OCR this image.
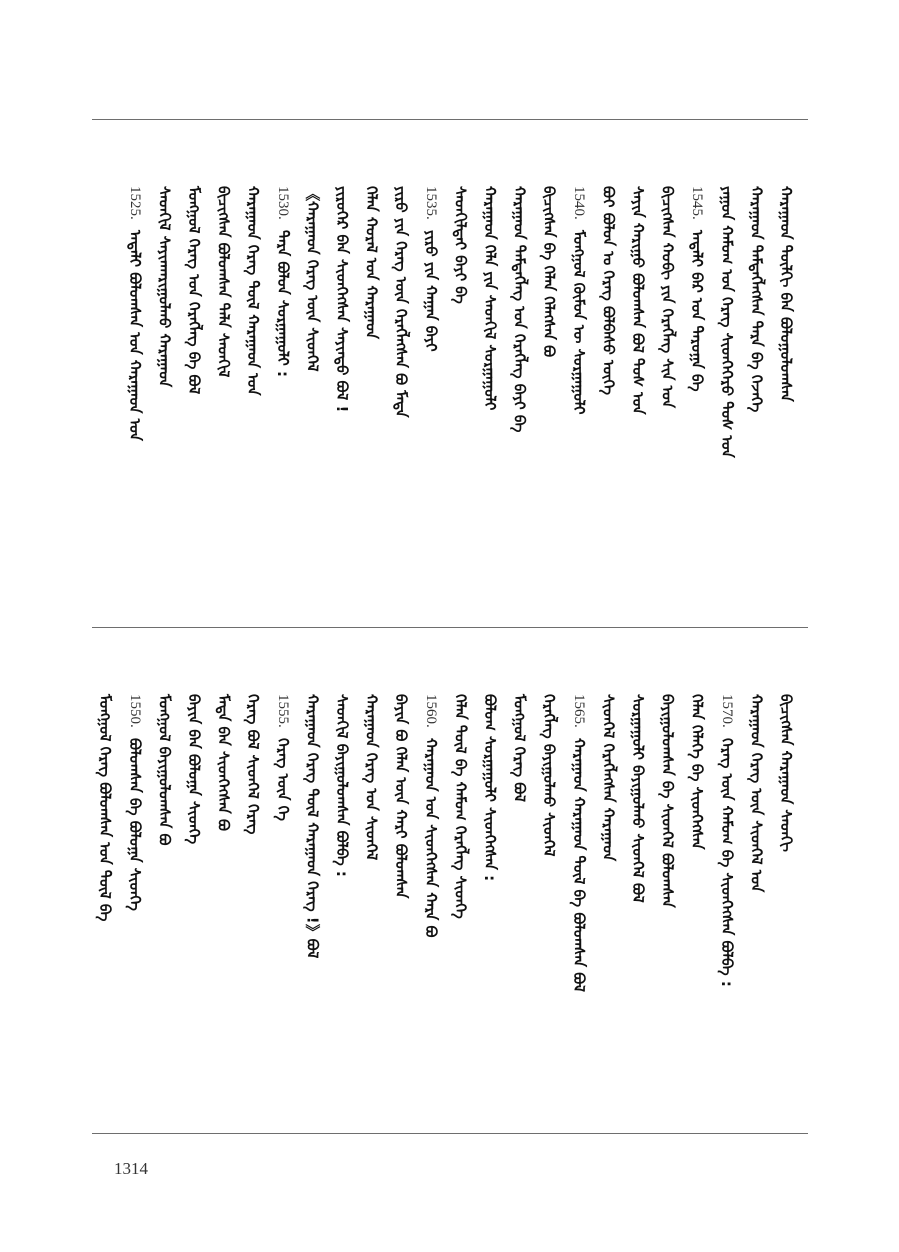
ᠬᠠᠷᠠᠭᠠᠳ ᠲᠦᠯᠬᠢ ᠪᠡᠨ ᠪᠤᠯᠤᠭᠤᠯᠤᠭᠰᠠᠨ
ᠬᠠᠷᠠᠭᠠᠳ ᠲᠡᠮᠳᠡᠭᠯᠡᠭᠰᠡᠨ ᠲᠡᠷᠡ ᠪᠠ ᠬᠡᠵᠡᠭᠡ
ᠶᠠᠭᠤᠨ ᠬᠠᠮᠤᠭ ᠤᠨ ᠬᠡᠷᠡᠭ ᠰᠢᠳᠬᠡᠭᠡᠷᠦ ᠲᠤᠰ ᠤᠨ
1545.
ᠠᠳᠠᠯᠢ ᠪᠡᠷ ᠤᠨ ᠳᠠᠷᠤᠭᠠ ᠪᠠ
ᠪᠢᠴᠢᠭᠰᠡᠨ ᠬᠤᠪᠢ ᠶᠢᠨ ᠬᠡᠷᠡᠭᠯᠡᠭ ᠰᠢᠨ ᠤᠨ
ᠰᠠᠶᠢᠨ ᠬᠠᠷᠢᠭᠤ ᠪᠤᠯᠤᠭᠰᠠᠨ ᠪᠤᠯ ᠲᠤᠰ ᠤᠨ
ᠪᠤᠢ ᠪᠣᠯᠤᠨ ᠤ ᠬᠡᠷᠡᠭ ᠪᠣᠯᠪᠠᠰᠤ ᠦᠭᠡ
1540.
ᠮᠣᠩᠭᠣᠯ ᠬᠦᠮᠦᠨ ᠦ ᠰᠤᠷᠭᠠᠭᠤᠯᠢ
ᠪᠢᠴᠢᠭᠰᠡᠨ ᠪᠠ ᠬᠡᠯᠡᠨ ᠬᠡᠯᠡᠭᠰᠡᠨ ᠪᠣ
ᠬᠠᠷᠠᠭᠠᠳ ᠲᠡᠮᠳᠡᠭᠯᠡᠭ ᠤᠨ ᠬᠡᠷᠡᠭᠯᠡᠭ ᠪᠠᠶᠢ ᠪᠠ
ᠬᠠᠷᠠᠭᠠᠳ ᠬᠡᠯᠡ ᠶᠢᠨ ᠰᠡᠳᠬᠢᠯ ᠰᠤᠷᠭᠠᠭᠤᠯᠢ
ᠰᠡᠳᠬᠢᠯᠲᠡᠢ ᠪᠠᠶᠢ ᠪᠠ
1535.
ᠶᠢᠷᠦ ᠶᠢᠨ ᠬᠠᠭᠠᠨ ᠪᠠᠶᠢ
ᠶᠢᠷᠦ ᠶᠢᠨ ᠬᠡᠷᠡᠭ ᠦᠨ ᠬᠡᠷᠡᠭᠯᠡᠭᠰᠡᠨ ᠪᠣ ᠮᠡᠳᠡ
ᠬᠡᠯᠡᠨ ᠬᠤᠷᠠᠯ ᠤᠨ ᠬᠠᠷᠠᠭᠠᠳ
ᠶᠢᠷᠦᠭᠡᠷ ᠪᠡᠨ ᠰᠢᠳᠬᠡᠭᠰᠡᠨ ᠰᠠᠶᠢᠨᠳᠤ ᠪᠣᠯ !
《ᠬᠠᠷᠠᠭᠠᠳ ᠬᠡᠷᠡᠭ ᠦᠨ ᠰᠢᠳᠬᠡᠯ
1530.
ᠲᠡᠷᠡ ᠪᠣᠯᠤᠨ ᠰᠤᠷᠭᠠᠭᠤᠯᠢ :
ᠬᠠᠷᠠᠭᠠᠳ ᠬᠡᠷᠡᠭ ᠲᠦᠯ ᠬᠠᠷᠠᠭᠠᠳ ᠤᠨ
ᠪᠢᠴᠢᠭᠰᠡᠨ ᠪᠣᠯᠤᠭᠰᠠᠨ ᠲᠠᠯᠠ ᠰᠡᠳᠬᠢᠯ
ᠮᠣᠩᠭᠣᠯ ᠬᠡᠷᠡᠭ ᠤᠨ ᠬᠡᠷᠡᠭᠯᠡᠭ ᠪᠠ ᠪᠣᠯ
ᠰᠡᠳᠬᠢᠯ ᠰᠠᠶᠢᠨᠬᠠᠷᠢᠭᠤᠯᠬᠤ ᠬᠠᠷᠠᠭᠠᠳ
1525.
ᠠᠳᠠᠯᠢ ᠪᠣᠯᠤᠭᠰᠠᠨ ᠤᠨ ᠬᠠᠷᠠᠭᠠᠳ ᠤᠨ
ᠪᠢᠴᠢᠭᠰᠡᠨ ᠬᠠᠷᠠᠭᠠᠳ ᠰᠡᠳᠬᠢ
ᠬᠠᠷᠠᠭᠠᠳ ᠬᠡᠷᠡᠭ ᠦᠨ ᠰᠢᠳᠬᠡᠯ ᠤᠨ
1570.
ᠬᠡᠷᠡᠭ ᠦᠨ ᠬᠠᠮᠤᠭ ᠪᠠ ᠰᠢᠳᠬᠡᠭᠰᠡᠨ ᠪᠣᠯᠪᠠ :
ᠬᠡᠯᠡᠨ ᠬᠡᠯᠡᠭᠡ ᠪᠠ ᠰᠢᠳᠬᠡᠭᠰᠡᠨ
ᠪᠠᠶᠢᠭᠤᠯᠤᠭᠰᠠᠨ ᠪᠠ ᠰᠢᠳᠬᠡᠯ ᠪᠣᠯᠤᠭᠰᠠᠨ
ᠰᠤᠷᠭᠠᠭᠤᠯᠢ ᠪᠠᠶᠢᠭᠤᠯᠬᠤ ᠰᠢᠳᠬᠡᠯ ᠪᠣᠯ
ᠰᠢᠳᠬᠡᠯ ᠬᠡᠷᠡᠭᠯᠡᠭᠰᠡᠨ ᠬᠠᠷᠠᠭᠠᠳ
1565.
ᠬᠠᠷᠠᠭᠠᠳ ᠬᠠᠷᠠᠭᠠᠳ ᠲᠦᠯ ᠪᠠ ᠪᠣᠯᠤᠭᠰᠠᠨ ᠪᠣᠯ
ᠬᠡᠷᠡᠭᠯᠡᠭ ᠪᠠᠶᠢᠭᠤᠯᠬᠤ ᠰᠢᠳᠬᠡᠯ
ᠮᠣᠩᠭᠣᠯ ᠬᠡᠷᠡᠭ ᠪᠣᠯ
ᠪᠤᠯᠤᠭ ᠰᠤᠷᠭᠠᠭᠤᠯᠢ ᠰᠢᠳᠬᠡᠭᠰᠡᠨ :
ᠬᠡᠯᠡᠨ ᠲᠦᠯ ᠪᠠ ᠬᠠᠮᠤᠭ ᠬᠡᠷᠡᠭᠯᠡᠭ ᠰᠢᠳᠬᠡ
1560.
ᠬᠠᠷᠠᠭᠠᠳ ᠤᠨ ᠰᠢᠳᠬᠡᠭᠰᠡᠨ ᠬᠠᠷᠠ ᠪᠣ
ᠪᠠᠶᠢᠨ ᠪᠣ ᠬᠡᠯᠡᠨ ᠦᠨ ᠬᠠᠷᠢ ᠪᠣᠯᠤᠭᠰᠠᠨ
ᠬᠠᠷᠠᠭᠠᠳ ᠬᠡᠷᠡᠭ ᠤᠨ ᠰᠢᠳᠬᠡᠯ
ᠰᠡᠳᠬᠢᠯ ᠪᠠᠶᠢᠭᠤᠯᠤᠭᠰᠠᠨ ᠪᠣᠯᠪᠠ :
ᠬᠠᠷᠠᠭᠠᠳ ᠬᠡᠷᠡᠭ ᠲᠦᠯ ᠬᠠᠷᠠᠭᠠᠳ ᠬᠡᠷᠡᠭ !》ᠪᠣᠯ
1555.
ᠬᠡᠷᠡᠭ ᠦᠨ ᠬᠡ
ᠬᠡᠷᠡᠭ ᠪᠣᠯ ᠰᠢᠳᠬᠡᠯ ᠬᠡᠷᠡᠭ
ᠮᠡᠳᠡ ᠪᠠᠨ ᠰᠢᠳᠬᠡᠭᠰᠡᠨ ᠪᠣ
ᠪᠠᠶᠢᠨ ᠪᠠᠨ ᠪᠣᠯᠤᠭᠠ ᠰᠢᠳᠬᠡ
ᠮᠣᠩᠭᠣᠯ ᠪᠠᠶᠢᠭᠤᠯᠤᠭᠰᠠᠨ ᠪᠣ
1550.
ᠪᠣᠯᠤᠭᠰᠠᠨ ᠪᠠ ᠪᠣᠯᠤᠭᠠ ᠰᠢᠳᠬᠡ
ᠮᠣᠩᠭᠣᠯ ᠬᠡᠷᠡᠭ ᠪᠣᠯᠤᠭᠰᠠᠨ ᠤᠨ ᠲᠦᠯ ᠪᠠ
1314
